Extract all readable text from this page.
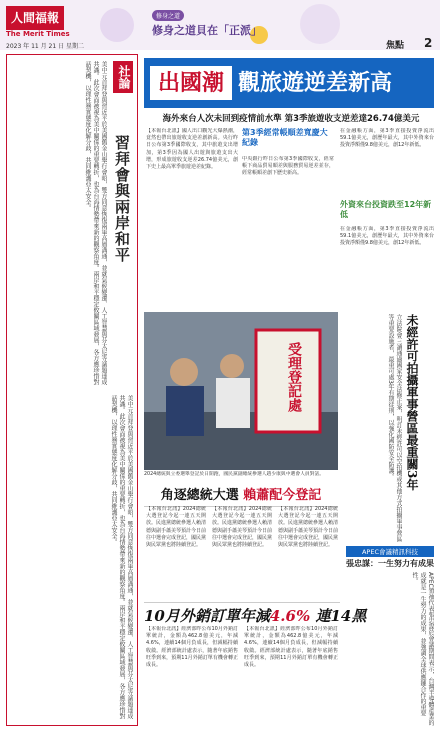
人間福報
The Merit Times
2023 年 11 月 21 日 星期二
修身之道
修身之道貝在「正派」
焦點 2
社論
習拜會與兩岸和平
美中元首拜登與習近平於美國舊金山舉行會晤，雙方同意恢復兩軍高層溝通，並就氣候變遷、人工智慧與芬太尼等議題達成共識。此次會面被視為美中關係的重要轉折，也為台海情勢帶來新的觀察角度。兩岸和平穩定攸關區域發展，各方應珍惜對話契機，以理性務實態度化解分歧，共同維護亞太安全。
美中元首拜登與習近平於美國舊金山舉行會晤，雙方同意恢復兩軍高層溝通，並就氣候變遷、人工智慧與芬太尼等議題達成共識。此次會面被視為美中關係的重要轉折，也為台海情勢帶來新的觀察角度。兩岸和平穩定攸關區域發展，各方應珍惜對話契機，以理性務實態度化解分歧，共同維護亞太安全。
出國潮 觀旅遊逆差新高
海外來台人次未回到疫情前水準 第3季旅遊收支逆差達26.74億美元
【本報台北訊】國人出口觀光大爆熱潮，竟然也帶出旅遊收支逆差創新高。央行昨日公布第3季國際收支，其中旅遊支出增加，第3季因為國人出遊與旅遊支出大增，形成旅遊收支逆差26.74億美元，創下史上最高單季旅遊逆差紀錄。
第3季經常帳順差寬慶大紀錄
中央銀行昨日公布第3季國際收支，經常帳下商品貿易順差與服務貿易逆差並存，經常帳順差創下歷史新高。
在金融帳方面，第3季直接投資淨流出59.1億美元，創歷年最大，其中外資來台投資淨額僅9.8億美元，創12年新低。
外資來台投資跌至12年新低
在金融帳方面，第3季直接投資淨流出59.1億美元，創歷年最大，其中外資來台投資淨額僅9.8億美元，創12年新低。
受理登記處
2024總統與立委選舉登記於日開跑，國民黨副總統參選人趙少康與中選會人員對話。
角逐總統大選 賴蕭配今登記
【本報台北訊】2024總統大選登記今起一連五天開放。民進黨總統參選人賴清德與副手蕭美琴預計今日前往中選會完成登記，國民黨與民眾黨也將陸續登記。
【本報台北訊】2024總統大選登記今起一連五天開放。民進黨總統參選人賴清德與副手蕭美琴預計今日前往中選會完成登記，國民黨與民眾黨也將陸續登記。
【本報台北訊】2024總統大選登記今起一連五天開放。民進黨總統參選人賴清德與副手蕭美琴預計今日前往中選會完成登記，國民黨與民眾黨也將陸續登記。
未經許可拍攝軍事營區最重關3年
立法院會三讀通過國家安全法修正案，明訂未經許可以空拍機或其他方式拍攝軍事營區等重要設施者，最重可處3年有期徒刑，以強化國防安全防護。
APEC會議精訊科技
張忠謀：一生努力有成果
APEC領袖代表張忠謀於會議期間表示，台灣半導體產業的成就是一生努力的成果，並強調全球供應鏈合作的重要性。
10月外銷訂單年減4.6% 連14黑
【本報台北訊】經濟部昨公布10月外銷訂單統計，金額為462.8億美元，年減4.6%，連續14個月負成長，但減幅持續收斂。經濟部統計處表示，隨著年底銷售旺季到來，預期11月外銷訂單有機會轉正成長。
【本報台北訊】經濟部昨公布10月外銷訂單統計，金額為462.8億美元，年減4.6%，連續14個月負成長，但減幅持續收斂。經濟部統計處表示，隨著年底銷售旺季到來，預期11月外銷訂單有機會轉正成長。
